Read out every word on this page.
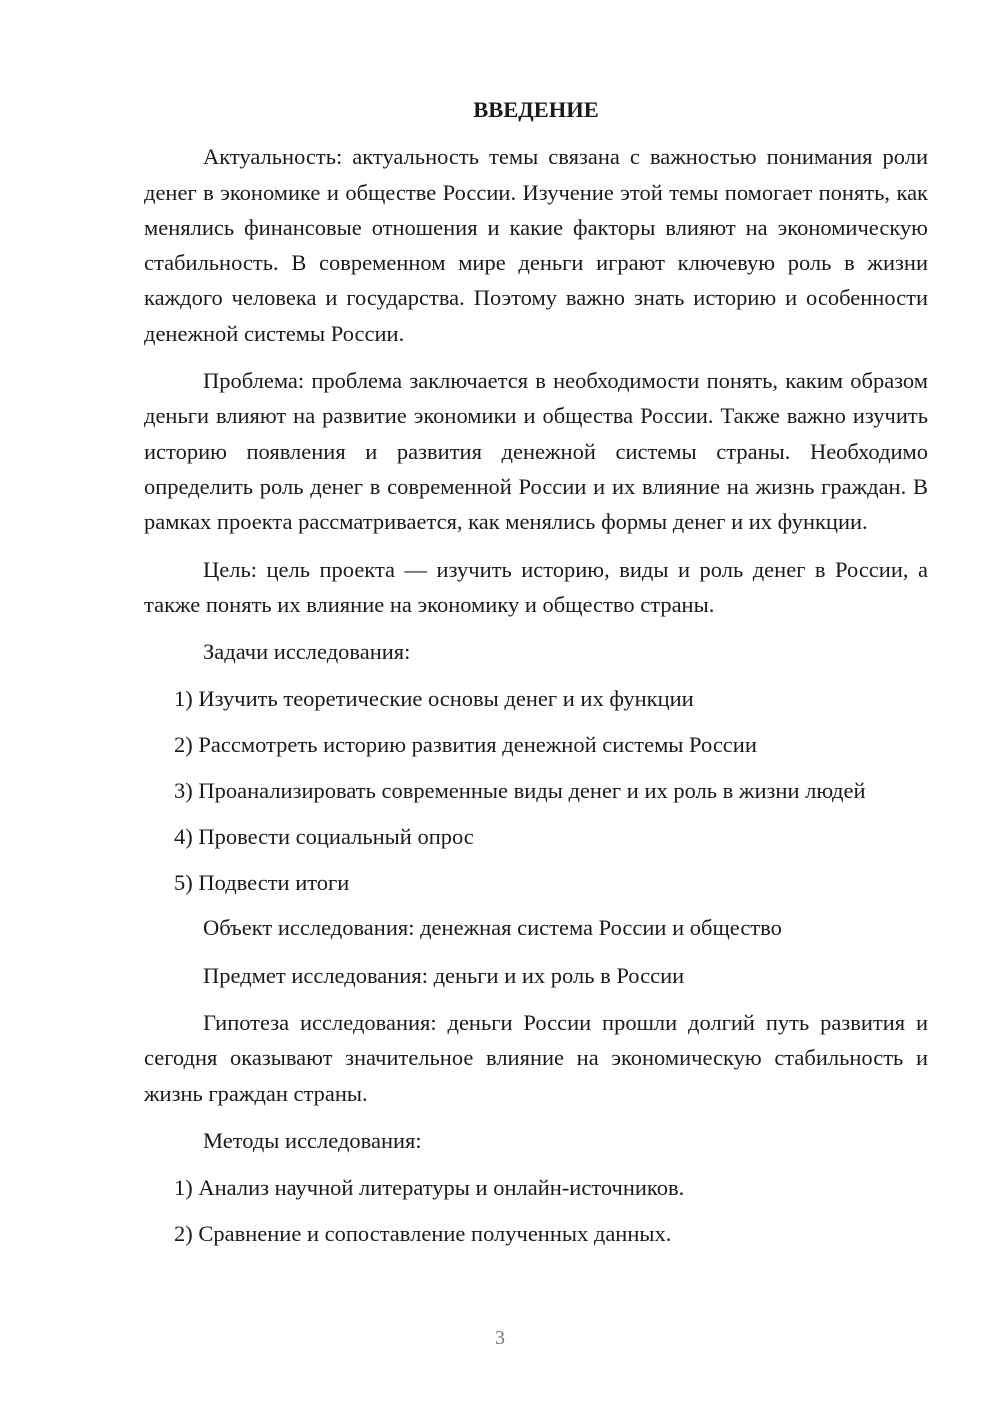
ВВЕДЕНИЕ

Актуальность: актуальность темы связана с важностью понимания роли денег в экономике и обществе России. Изучение этой темы помогает понять, как менялись финансовые отношения и какие факторы влияют на экономическую стабильность. В современном мире деньги играют ключевую роль в жизни каждого человека и государства. Поэтому важно знать историю и особенности денежной системы России.

Проблема: проблема заключается в необходимости понять, каким образом деньги влияют на развитие экономики и общества России. Также важно изучить историю появления и развития денежной системы страны. Необходимо определить роль денег в современной России и их влияние на жизнь граждан. В рамках проекта рассматривается, как менялись формы денег и их функции.

Цель: цель проекта — изучить историю, виды и роль денег в России, а также понять их влияние на экономику и общество страны.

Задачи исследования:

1) Изучить теоретические основы денег и их функции

2) Рассмотреть историю развития денежной системы России

3) Проанализировать современные виды денег и их роль в жизни людей

4) Провести социальный опрос

5) Подвести итоги

Объект исследования: денежная система России и общество

Предмет исследования: деньги и их роль в России

Гипотеза исследования: деньги России прошли долгий путь развития и сегодня оказывают значительное влияние на экономическую стабильность и жизнь граждан страны.

Методы исследования:

1) Анализ научной литературы и онлайн-источников.

2) Сравнение и сопоставление полученных данных.

3
